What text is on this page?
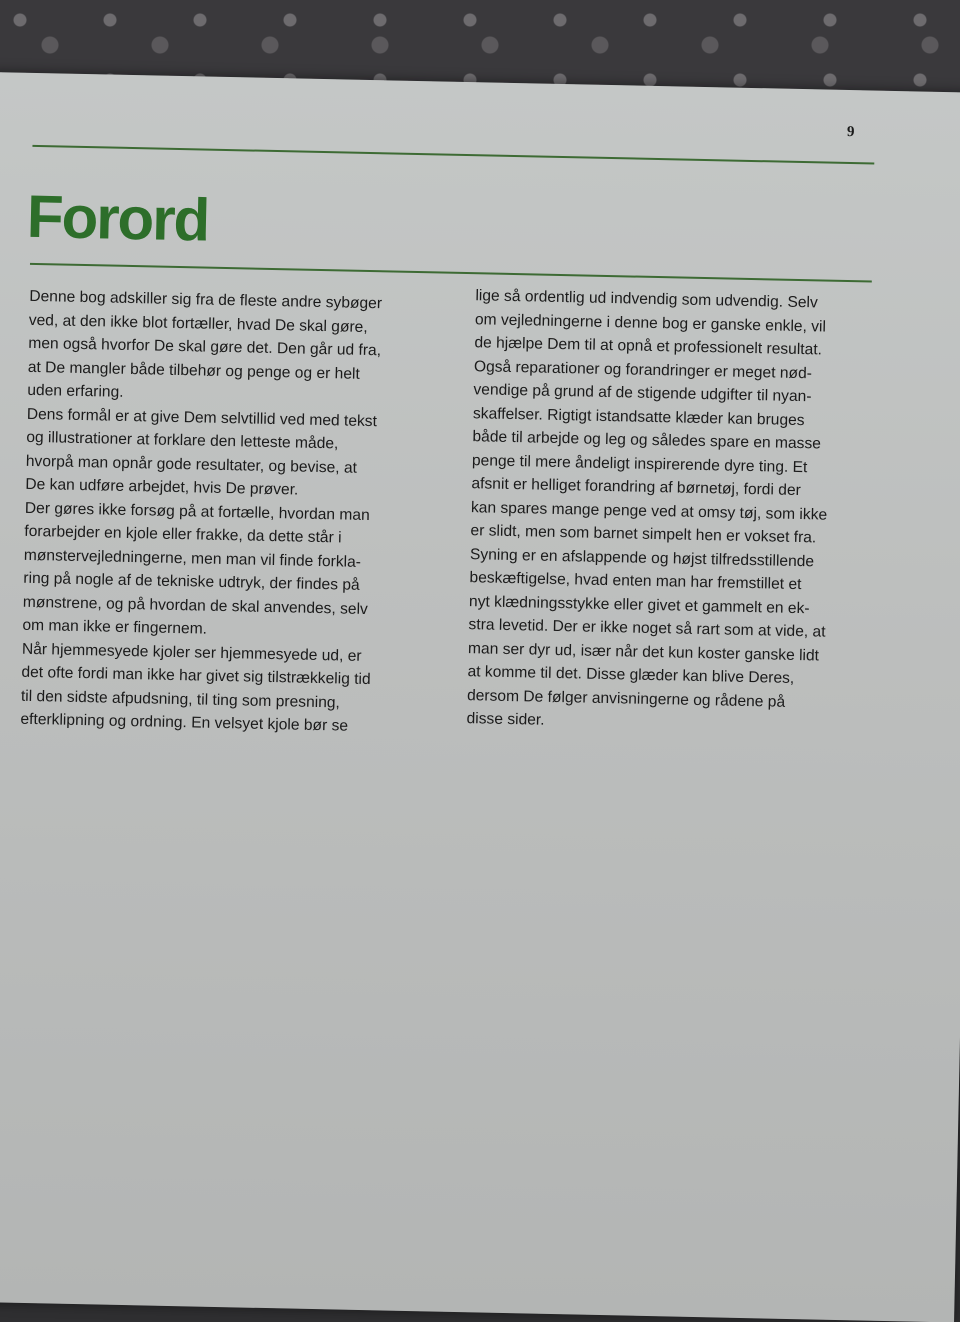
9
Forord
Denne bog adskiller sig fra de fleste andre sybøger
ved, at den ikke blot fortæller, hvad De skal gøre,
men også hvorfor De skal gøre det. Den går ud fra,
at De mangler både tilbehør og penge og er helt
uden erfaring.
Dens formål er at give Dem selvtillid ved med tekst
og illustrationer at forklare den letteste måde,
hvorpå man opnår gode resultater, og bevise, at
De kan udføre arbejdet, hvis De prøver.
Der gøres ikke forsøg på at fortælle, hvordan man
forarbejder en kjole eller frakke, da dette står i
mønstervejledningerne, men man vil finde forkla-
ring på nogle af de tekniske udtryk, der findes på
mønstrene, og på hvordan de skal anvendes, selv
om man ikke er fingernem.
Når hjemmesyede kjoler ser hjemmesyede ud, er
det ofte fordi man ikke har givet sig tilstrækkelig tid
til den sidste afpudsning, til ting som presning,
efterklipning og ordning. En velsyet kjole bør se
lige så ordentlig ud indvendig som udvendig. Selv
om vejledningerne i denne bog er ganske enkle, vil
de hjælpe Dem til at opnå et professionelt resultat.
Også reparationer og forandringer er meget nød-
vendige på grund af de stigende udgifter til nyan-
skaffelser. Rigtigt istandsatte klæder kan bruges
både til arbejde og leg og således spare en masse
penge til mere åndeligt inspirerende dyre ting. Et
afsnit er helliget forandring af børnetøj, fordi der
kan spares mange penge ved at omsy tøj, som ikke
er slidt, men som barnet simpelt hen er vokset fra.
Syning er en afslappende og højst tilfredsstillende
beskæftigelse, hvad enten man har fremstillet et
nyt klædningsstykke eller givet et gammelt en ek-
stra levetid. Der er ikke noget så rart som at vide, at
man ser dyr ud, især når det kun koster ganske lidt
at komme til det. Disse glæder kan blive Deres,
dersom De følger anvisningerne og rådene på
disse sider.
